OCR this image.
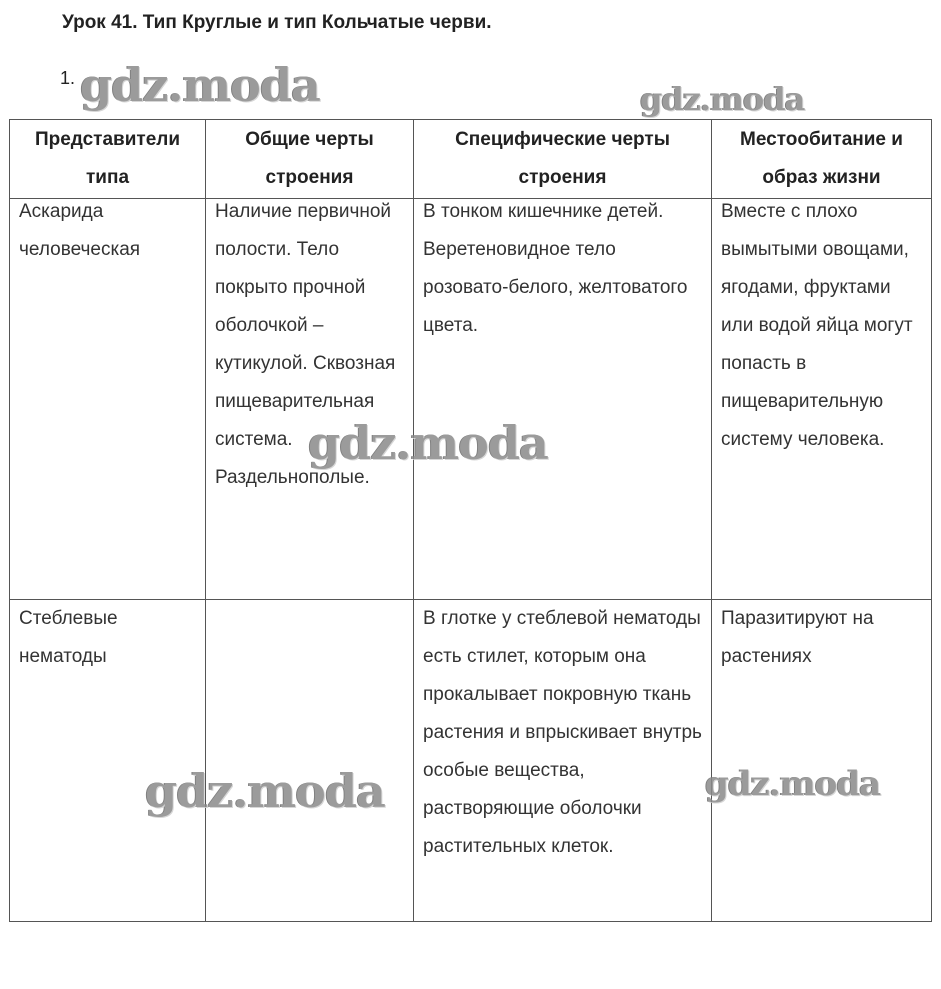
Урок 41. Тип Круглые и тип Кольчатые черви.
1.
Представители типа	Общие черты строения	Специфические черты строения	Местообитание и образ жизни

Аскарида человеческая	Наличие первичной полости. Тело покрыто прочной оболочкой – кутикулой. Сквозная пищеварительная система. Раздельнополые.	В тонком кишечнике детей. Веретеновидное тело розовато-белого, желтоватого цвета.	Вместе с плохо вымытыми овощами, ягодами, фруктами или водой яйца могут попасть в пищеварительную систему человека.

Стеблевые нематоды		В глотке у стеблевой нематоды есть стилет, которым она прокалывает покровную ткань растения и впрыскивает внутрь особые вещества, растворяющие оболочки растительных клеток.	Паразитируют на растениях
gdz.moda	gdz.moda
gdz.moda
gdz.moda	gdz.moda
